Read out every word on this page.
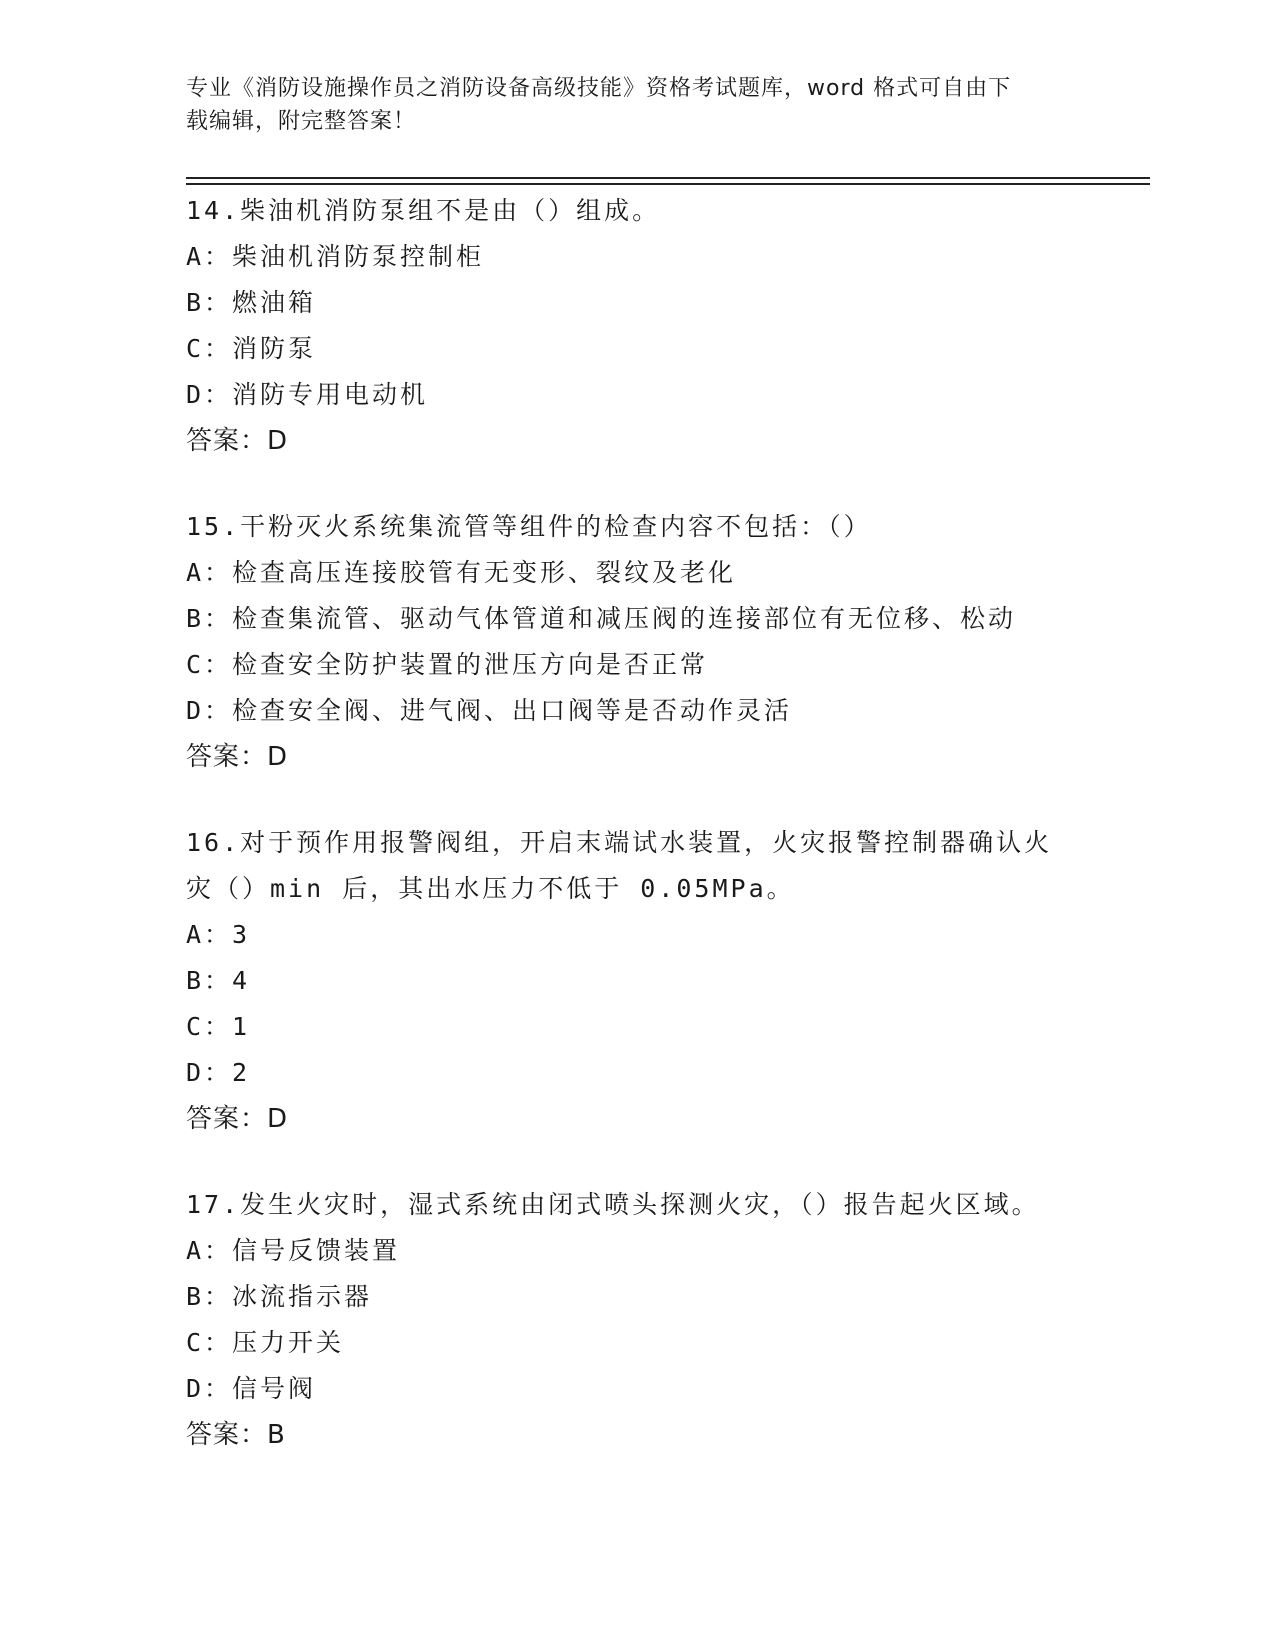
专业《消防设施操作员之消防设备高级技能》资格考试题库，word 格式可自由下
载编辑，附完整答案！
14.柴油机消防泵组不是由（）组成。
A：柴油机消防泵控制柜
B：燃油箱
C：消防泵
D：消防专用电动机
答案：D
15.干粉灭火系统集流管等组件的检查内容不包括：（）
A：检查高压连接胶管有无变形、裂纹及老化
B：检查集流管、驱动气体管道和减压阀的连接部位有无位移、松动
C：检查安全防护装置的泄压方向是否正常
D：检查安全阀、进气阀、出口阀等是否动作灵活
答案：D
16.对于预作用报警阀组，开启末端试水装置，火灾报警控制器确认火
灾（）min 后，其出水压力不低于 0.05MPa。
A：3
B：4
C：1
D：2
答案：D
17.发生火灾时，湿式系统由闭式喷头探测火灾，（）报告起火区域。
A：信号反馈装置
B：冰流指示器
C：压力开关
D：信号阀
答案：B
